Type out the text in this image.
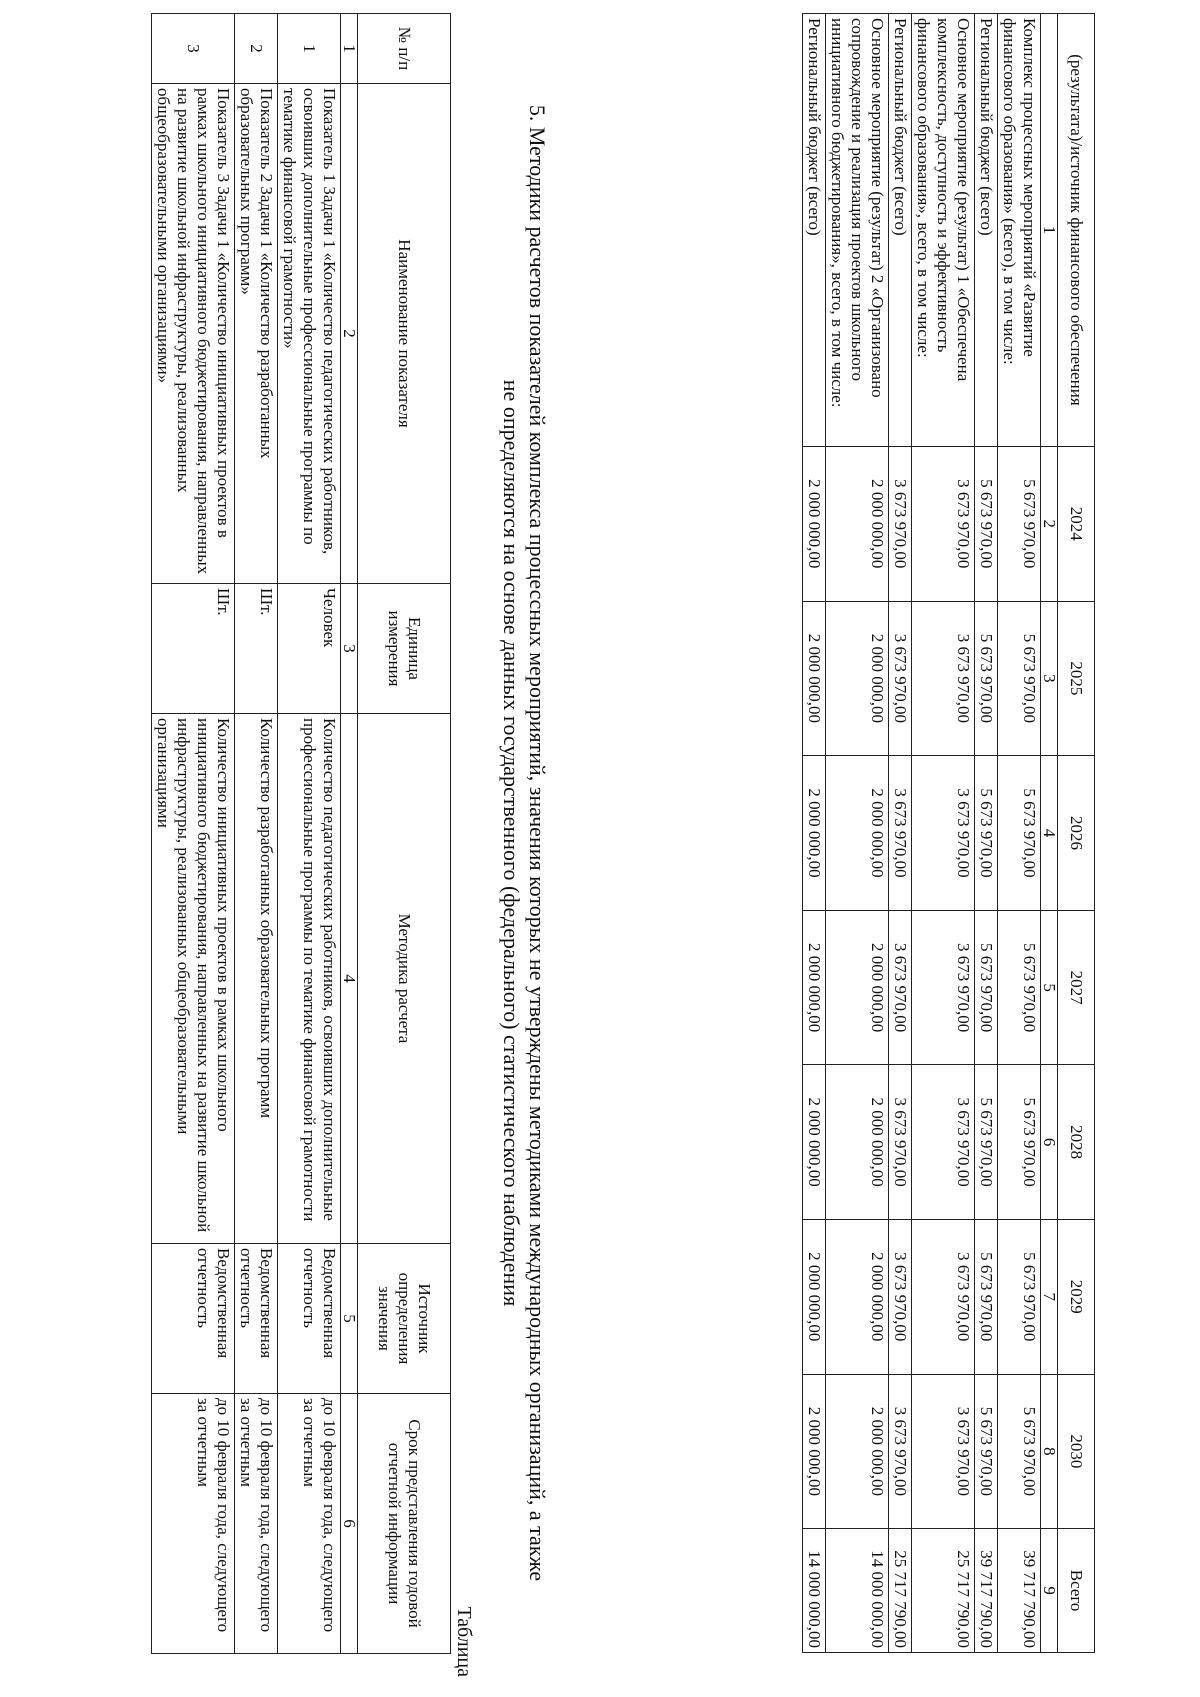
(результата)/источник финансового обеспечения	2024	2025	2026	2027	2028	2029	2030	Всего
1	2	3	4	5	6	7	8	9
Комплекс процессных мероприятий «Развитие финансового образования» (всего), в том числе:	5 673 970,00	5 673 970,00	5 673 970,00	5 673 970,00	5 673 970,00	5 673 970,00	5 673 970,00	39 717 790,00
Региональный бюджет (всего)	5 673 970,00	5 673 970,00	5 673 970,00	5 673 970,00	5 673 970,00	5 673 970,00	5 673 970,00	39 717 790,00
Основное мероприятие (результат) 1 «Обеспечена комплексность, доступность и эффективность финансового образования», всего, в том числе:	3 673 970,00	3 673 970,00	3 673 970,00	3 673 970,00	3 673 970,00	3 673 970,00	3 673 970,00	25 717 790,00
Региональный бюджет (всего)	3 673 970,00	3 673 970,00	3 673 970,00	3 673 970,00	3 673 970,00	3 673 970,00	3 673 970,00	25 717 790,00
Основное мероприятие (результат) 2 «Организовано сопровождение и реализация проектов школьного инициативного бюджетирования», всего, в том числе:	2 000 000,00	2 000 000,00	2 000 000,00	2 000 000,00	2 000 000,00	2 000 000,00	2 000 000,00	14 000 000,00
Региональный бюджет (всего)	2 000 000,00	2 000 000,00	2 000 000,00	2 000 000,00	2 000 000,00	2 000 000,00	2 000 000,00	14 000 000,00
5. Методики расчетов показателей комплекса процессных мероприятий, значения которых не утверждены методиками международных организаций, а также не определяются на основе данных государственного (федерального) статистического наблюдения
Таблица
№ п/п	Наименование показателя	Единица измерения	Методика расчета	Источник определения значения	Срок представления годовой отчетной информации
1	2	3	4	5	6
1	Показатель 1 Задачи 1 «Количество педагогических работников, освоивших дополнительные профессиональные программы по тематике финансовой грамотности»	Человек	Количество педагогических работников, освоивших дополнительные профессиональные программы по тематике финансовой грамотности	Ведомственная отчетность	до 10 февраля года, следующего за отчетным
2	Показатель 2 Задачи 1 «Количество разработанных образовательных программ»	Шт.	Количество разработанных образовательных программ	Ведомственная отчетность	до 10 февраля года, следующего за отчетным
3	Показатель 3 Задачи 1 «Количество инициативных проектов в рамках школьного инициативного бюджетирования, направленных на развитие школьной инфраструктуры, реализованных общеобразовательными организациями»	Шт.	Количество инициативных проектов в рамках школьного инициативного бюджетирования, направленных на развитие школьной инфраструктуры, реализованных общеобразовательными организациями	Ведомственная отчетность	до 10 февраля года, следующего за отчетным
